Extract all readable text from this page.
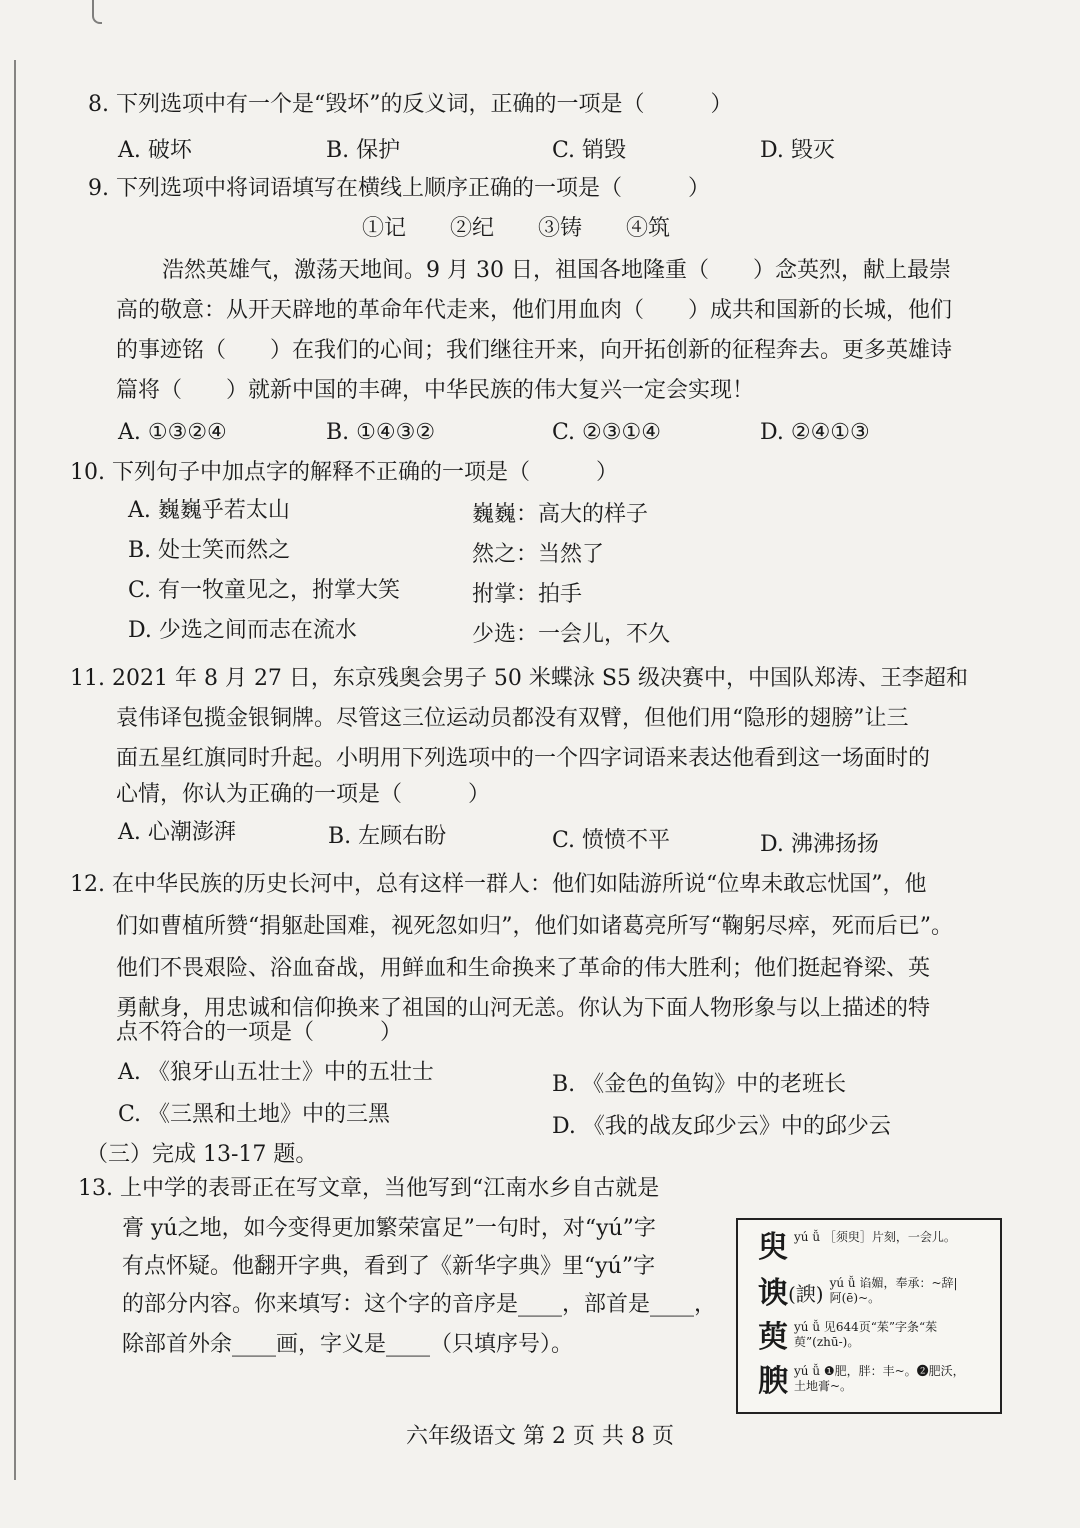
8. 下列选项中有一个是“毁坏”的反义词，正确的一项是（　　　）
A. 破坏	B. 保护	C. 销毁	D. 毁灭
9. 下列选项中将词语填写在横线上顺序正确的一项是（　　　）
①记　　②纪　　③铸　　④筑
浩然英雄气，激荡天地间。9 月 30 日，祖国各地隆重（　　）念英烈，献上最崇
高的敬意：从开天辟地的革命年代走来，他们用血肉（　　）成共和国新的长城，他们
的事迹铭（　　）在我们的心间；我们继往开来，向开拓创新的征程奔去。更多英雄诗
篇将（　　）就新中国的丰碑，中华民族的伟大复兴一定会实现！
A. ①③②④	B. ①④③②	C. ②③①④	D. ②④①③
10. 下列句子中加点字的解释不正确的一项是（　　　）
A. 巍巍乎若太山	巍巍：高大的样子
B. 处士笑而然之	然之：当然了
C. 有一牧童见之，拊掌大笑	拊掌：拍手
D. 少选之间而志在流水	少选：一会儿，不久
11. 2021 年 8 月 27 日，东京残奥会男子 50 米蝶泳 S5 级决赛中，中国队郑涛、王李超和
袁伟译包揽金银铜牌。尽管这三位运动员都没有双臂，但他们用“隐形的翅膀”让三
面五星红旗同时升起。小明用下列选项中的一个四字词语来表达他看到这一场面时的
心情，你认为正确的一项是（　　　）
A. 心潮澎湃	B. 左顾右盼	C. 愤愤不平	D. 沸沸扬扬
12. 在中华民族的历史长河中，总有这样一群人：他们如陆游所说“位卑未敢忘忧国”，他
们如曹植所赞“捐躯赴国难，视死忽如归”，他们如诸葛亮所写“鞠躬尽瘁，死而后已”。
他们不畏艰险、浴血奋战，用鲜血和生命换来了革命的伟大胜利；他们挺起脊梁、英
勇献身，用忠诚和信仰换来了祖国的山河无恙。你认为下面人物形象与以上描述的特
点不符合的一项是（　　　）
A. 《狼牙山五壮士》中的五壮士	B. 《金色的鱼钩》中的老班长
C. 《三黑和土地》中的三黑	D. 《我的战友邱少云》中的邱少云
（三）完成 13-17 题。
13. 上中学的表哥正在写文章，当他写到“江南水乡自古就是
膏 yú之地，如今变得更加繁荣富足”一句时，对“yú”字
有点怀疑。他翻开字典，看到了《新华字典》里“yú”字
的部分内容。你来填写：这个字的音序是____，部首是____，
除部首外余____画，字义是____（只填序号）。
臾 yú ǚ ［须臾］片刻，一会儿。
谀(諛) yú ǚ 谄媚，奉承：~辞|阿(ē)~。
萸 yú ǚ 见644页“茱”字条“茱萸”(zhū-)。
腴 yú ǚ ❶肥，胖：丰~。❷肥沃，土地膏~。
六年级语文 第 2 页 共 8 页
